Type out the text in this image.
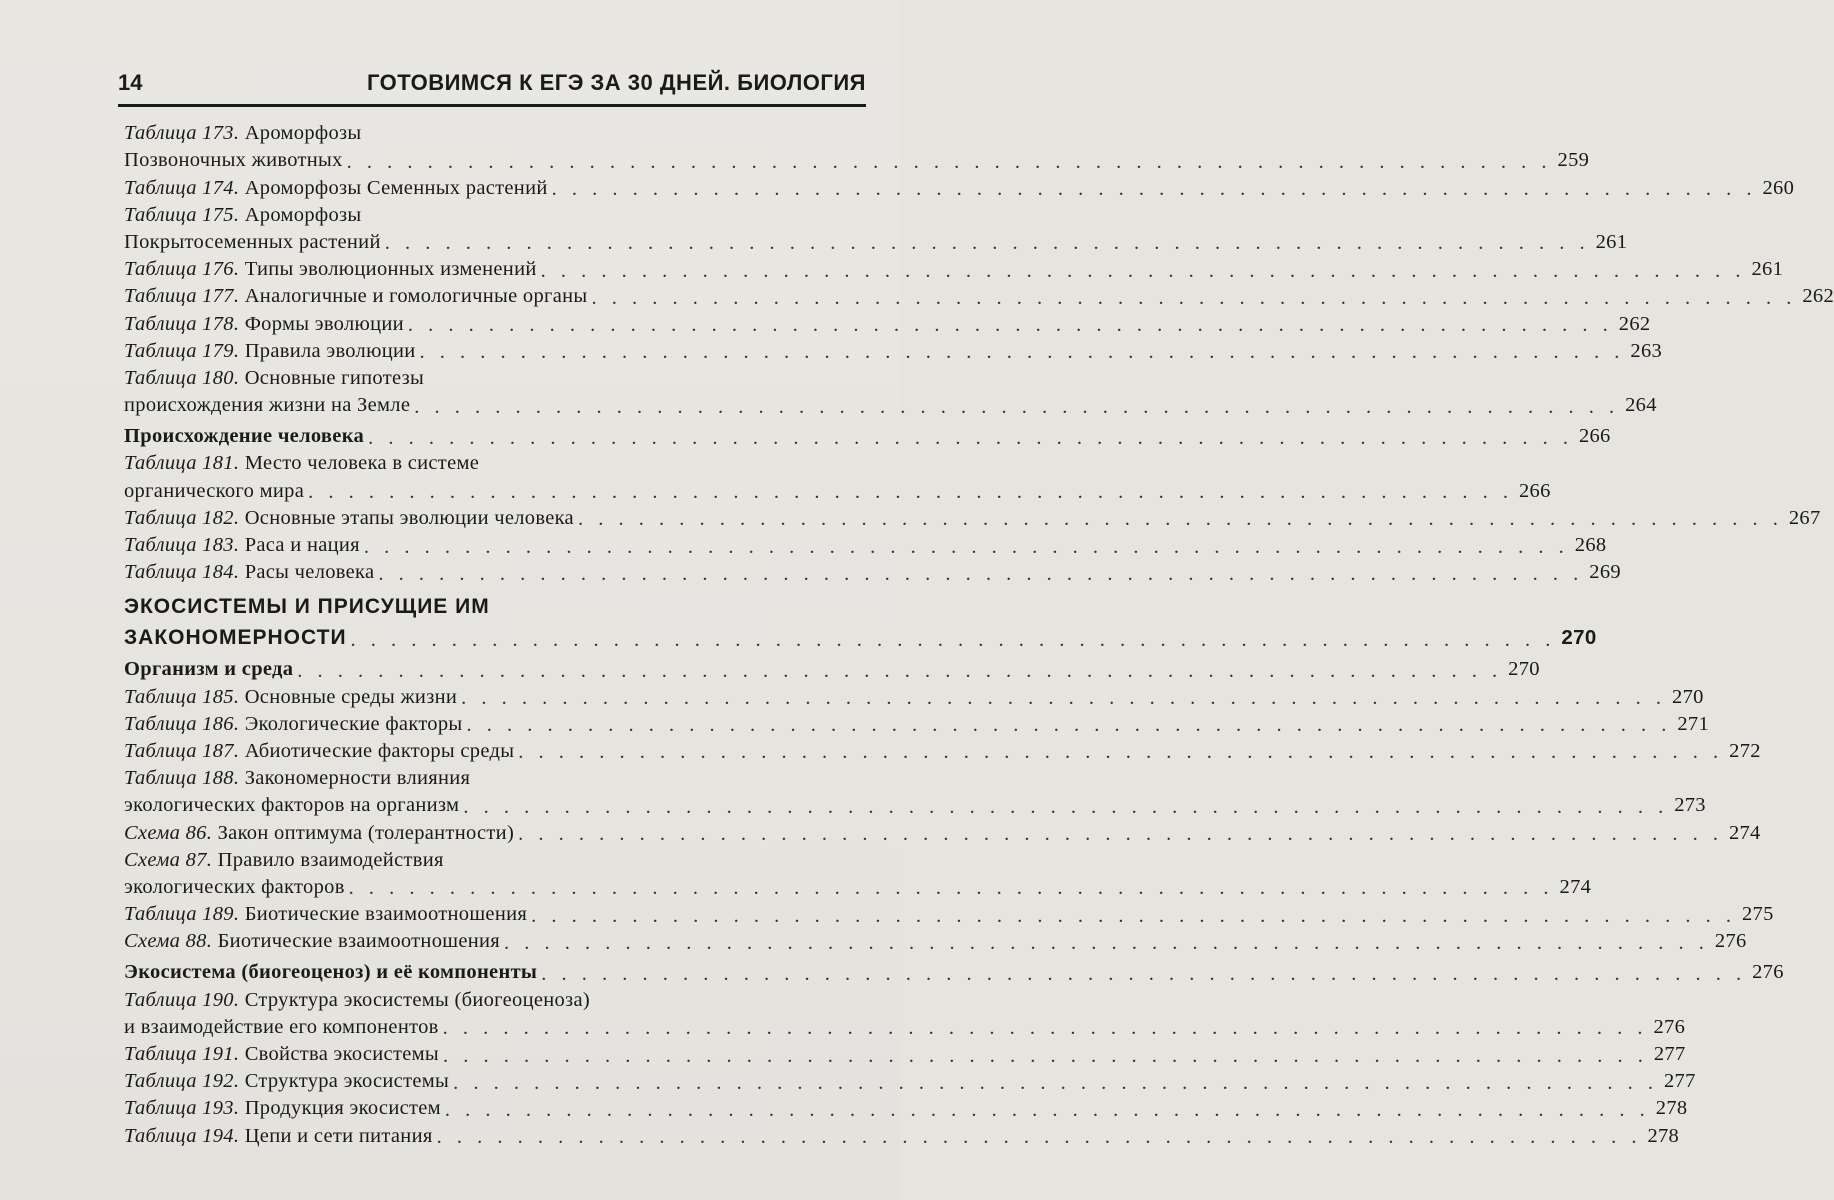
14	ГОТОВИМСЯ К ЕГЭ ЗА 30 ДНЕЙ. БИОЛОГИЯ
Таблица 173. Ароморфозы
Позвоночных животных . . . . . . . . . . . . . . . . . . . . . . . . . . . . . . . . . . . . . . . . . . . . . . . . . . . . . . . . . . . . 259
Таблица 174. Ароморфозы Семенных растений . . . . . . . . . . . . . . . . . . . . . . . . . . . . . . . . . . . . . . . . . . . . . . . . . . . . . . . . . . . . 260
Таблица 175. Ароморфозы
Покрытосеменных растений . . . . . . . . . . . . . . . . . . . . . . . . . . . . . . . . . . . . . . . . . . . . . . . . . . . . . . . . . . . . 261
Таблица 176. Типы эволюционных изменений . . . . . . . . . . . . . . . . . . . . . . . . . . . . . . . . . . . . . . . . . . . . . . . . . . . . . . . . . . . . 261
Таблица 177. Аналогичные и гомологичные органы . . . . . . . . . . . . . . . . . . . . . . . . . . . . . . . . . . . . . . . . . . . . . . . . . . . . . . . . . . . . 262
Таблица 178. Формы эволюции . . . . . . . . . . . . . . . . . . . . . . . . . . . . . . . . . . . . . . . . . . . . . . . . . . . . . . . . . . . . 262
Таблица 179. Правила эволюции . . . . . . . . . . . . . . . . . . . . . . . . . . . . . . . . . . . . . . . . . . . . . . . . . . . . . . . . . . . . 263
Таблица 180. Основные гипотезы
происхождения жизни на Земле . . . . . . . . . . . . . . . . . . . . . . . . . . . . . . . . . . . . . . . . . . . . . . . . . . . . . . . . . . . . 264
Происхождение человека . . . . . . . . . . . . . . . . . . . . . . . . . . . . . . . . . . . . . . . . . . . . . . . . . . . . . . . . . . . . 266
Таблица 181. Место человека в системе
органического мира . . . . . . . . . . . . . . . . . . . . . . . . . . . . . . . . . . . . . . . . . . . . . . . . . . . . . . . . . . . . 266
Таблица 182. Основные этапы эволюции человека . . . . . . . . . . . . . . . . . . . . . . . . . . . . . . . . . . . . . . . . . . . . . . . . . . . . . . . . . . . . 267
Таблица 183. Раса и нация . . . . . . . . . . . . . . . . . . . . . . . . . . . . . . . . . . . . . . . . . . . . . . . . . . . . . . . . . . . . 268
Таблица 184. Расы человека . . . . . . . . . . . . . . . . . . . . . . . . . . . . . . . . . . . . . . . . . . . . . . . . . . . . . . . . . . . . 269
ЭКОСИСТЕМЫ И ПРИСУЩИЕ ИМ
ЗАКОНОМЕРНОСТИ . . . . . . . . . . . . . . . . . . . . . . . . . . . . . . . . . . . . . . . . . . . . . . . . . . . . . . . . . . . . 270
Организм и среда . . . . . . . . . . . . . . . . . . . . . . . . . . . . . . . . . . . . . . . . . . . . . . . . . . . . . . . . . . . . 270
Таблица 185. Основные среды жизни . . . . . . . . . . . . . . . . . . . . . . . . . . . . . . . . . . . . . . . . . . . . . . . . . . . . . . . . . . . . 270
Таблица 186. Экологические факторы . . . . . . . . . . . . . . . . . . . . . . . . . . . . . . . . . . . . . . . . . . . . . . . . . . . . . . . . . . . . 271
Таблица 187. Абиотические факторы среды . . . . . . . . . . . . . . . . . . . . . . . . . . . . . . . . . . . . . . . . . . . . . . . . . . . . . . . . . . . . 272
Таблица 188. Закономерности влияния
экологических факторов на организм . . . . . . . . . . . . . . . . . . . . . . . . . . . . . . . . . . . . . . . . . . . . . . . . . . . . . . . . . . . . 273
Схема 86. Закон оптимума (толерантности) . . . . . . . . . . . . . . . . . . . . . . . . . . . . . . . . . . . . . . . . . . . . . . . . . . . . . . . . . . . . 274
Схема 87. Правило взаимодействия
экологических факторов . . . . . . . . . . . . . . . . . . . . . . . . . . . . . . . . . . . . . . . . . . . . . . . . . . . . . . . . . . . . 274
Таблица 189. Биотические взаимоотношения . . . . . . . . . . . . . . . . . . . . . . . . . . . . . . . . . . . . . . . . . . . . . . . . . . . . . . . . . . . . 275
Схема 88. Биотические взаимоотношения . . . . . . . . . . . . . . . . . . . . . . . . . . . . . . . . . . . . . . . . . . . . . . . . . . . . . . . . . . . . 276
Экосистема (биогеоценоз) и её компоненты . . . . . . . . . . . . . . . . . . . . . . . . . . . . . . . . . . . . . . . . . . . . . . . . . . . . . . . . . . . . 276
Таблица 190. Структура экосистемы (биогеоценоза)
и взаимодействие его компонентов . . . . . . . . . . . . . . . . . . . . . . . . . . . . . . . . . . . . . . . . . . . . . . . . . . . . . . . . . . . . 276
Таблица 191. Свойства экосистемы . . . . . . . . . . . . . . . . . . . . . . . . . . . . . . . . . . . . . . . . . . . . . . . . . . . . . . . . . . . . 277
Таблица 192. Структура экосистемы . . . . . . . . . . . . . . . . . . . . . . . . . . . . . . . . . . . . . . . . . . . . . . . . . . . . . . . . . . . . 277
Таблица 193. Продукция экосистем . . . . . . . . . . . . . . . . . . . . . . . . . . . . . . . . . . . . . . . . . . . . . . . . . . . . . . . . . . . . 278
Таблица 194. Цепи и сети питания . . . . . . . . . . . . . . . . . . . . . . . . . . . . . . . . . . . . . . . . . . . . . . . . . . . . . . . . . . . . 278
